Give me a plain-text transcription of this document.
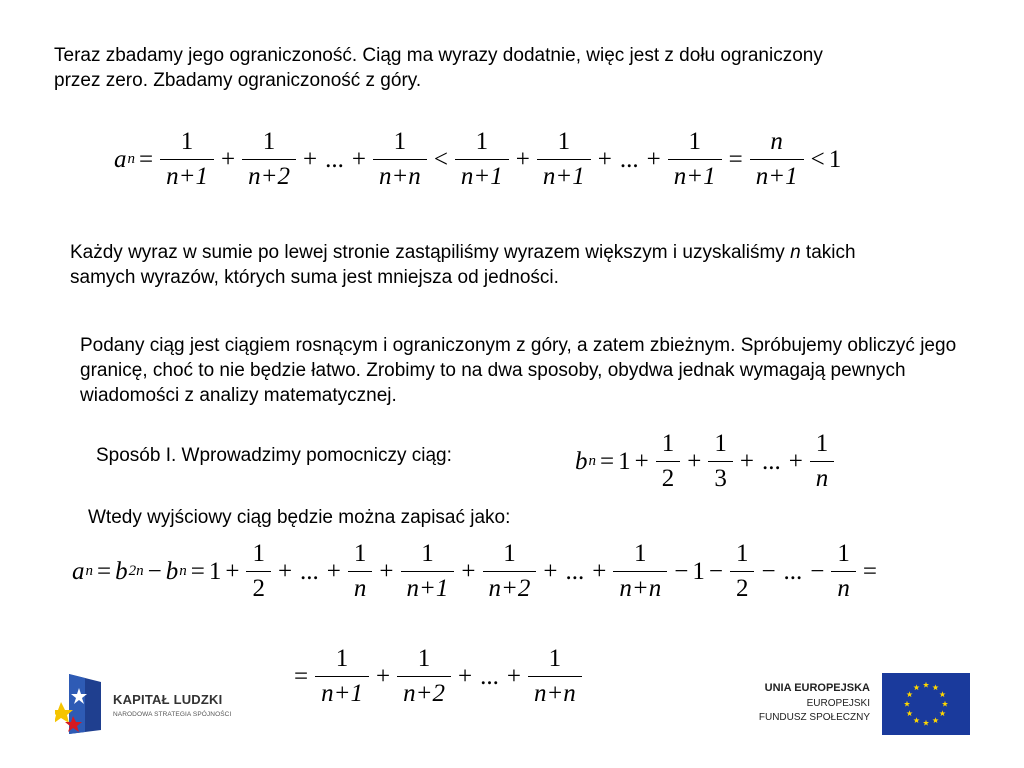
Teraz zbadamy jego ograniczoność. Ciąg ma wyrazy dodatnie, więc jest z dołu ograniczony przez zero. Zbadamy ograniczoność z góry.
a $n = \frac{1}{n+1} + \frac{1}{n+2}$ + ... + $\frac{1}{n+n} < \frac{1}{n+1} + \frac{1}{n+1}$ + ... + $\frac{1}{n+1} = \frac{n}{n+1} < 1$
Każdy wyraz w sumie po lewej stronie zastąpiliśmy wyrazem większym i uzyskaliśmy n takich samych wyrazów, których suma jest mniejsza od jedności.
Podany ciąg jest ciągiem rosnącym i ograniczonym z góry, a zatem zbieżnym. Spróbujemy obliczyć jego granicę, choć to nie będzie łatwo. Zrobimy to na dwa sposoby, obydwa jednak wymagają pewnych wiadomości z analizy matematycznej.
Sposób I. Wprowadzimy pomocniczy ciąg:	b $n = 1 + \frac{1}{2} + \frac{1}{3}$ + ... + $\frac{1}{n}$
Wtedy wyjściowy ciąg będzie można zapisać jako:
a n = b 2n − b $n = 1 + \frac{1}{2}$ + ... + $\frac{1}{n} + \frac{1}{n+1} + \frac{1}{n+2}$ + ... + $\frac{1}{n+n} - 1 - \frac{1}{2}$ − ... − $\frac{1}{n}$ =
= $\frac{1}{n+1} + \frac{1}{n+2}$ + ... + $\frac{1}{n+n}$
KAPITAŁ LUDZKI
NARODOWA STRATEGIA SPÓJNOŚCI
UNIA EUROPEJSKA
EUROPEJSKI
FUNDUSZ SPOŁECZNY
